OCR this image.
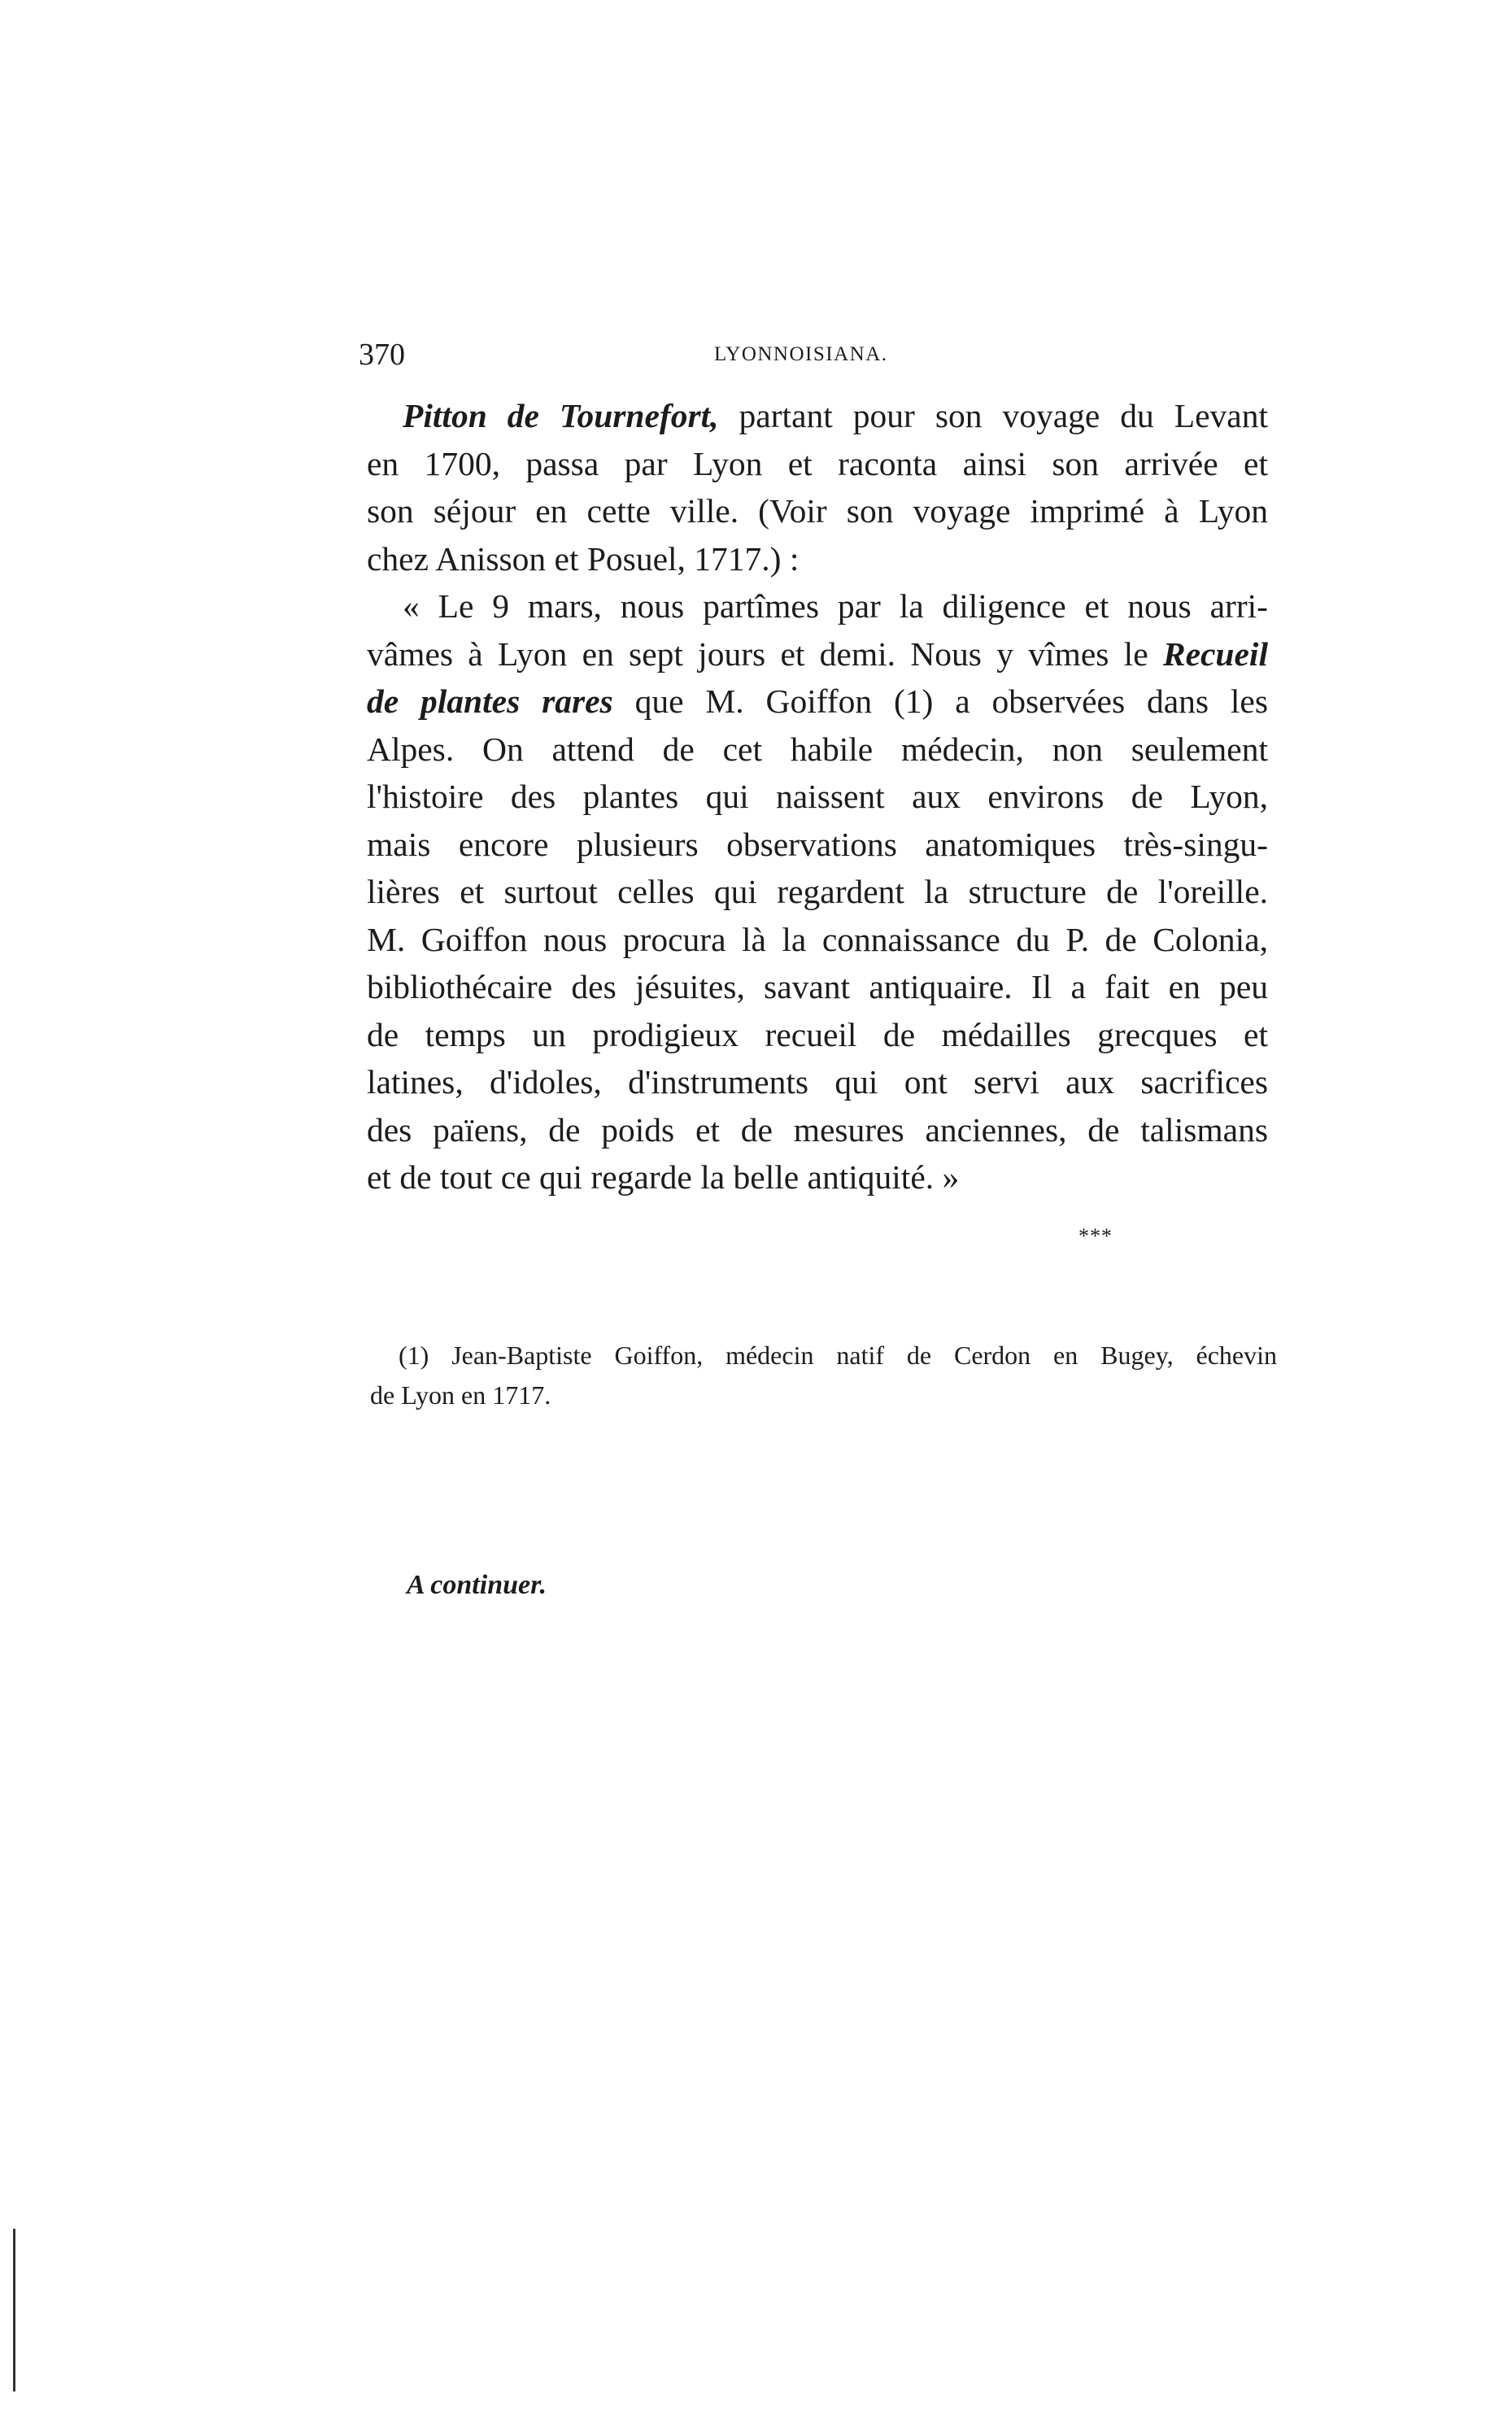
370	LYONNOISIANA.
Pitton de Tournefort, partant pour son voyage du Levant
en 1700, passa par Lyon et raconta ainsi son arrivée et
son séjour en cette ville. (Voir son voyage imprimé à Lyon
chez Anisson et Posuel, 1717.) :
« Le 9 mars, nous partîmes par la diligence et nous arri-
vâmes à Lyon en sept jours et demi. Nous y vîmes le Recueil
de plantes rares que M. Goiffon (1) a observées dans les
Alpes. On attend de cet habile médecin, non seulement
l'histoire des plantes qui naissent aux environs de Lyon,
mais encore plusieurs observations anatomiques très-singu-
lières et surtout celles qui regardent la structure de l'oreille.
M. Goiffon nous procura là la connaissance du P. de Colonia,
bibliothécaire des jésuites, savant antiquaire. Il a fait en peu
de temps un prodigieux recueil de médailles grecques et
latines, d'idoles, d'instruments qui ont servi aux sacrifices
des païens, de poids et de mesures anciennes, de talismans
et de tout ce qui regarde la belle antiquité. »
***
(1) Jean-Baptiste Goiffon, médecin natif de Cerdon en Bugey, échevin
de Lyon en 1717.
A continuer.
